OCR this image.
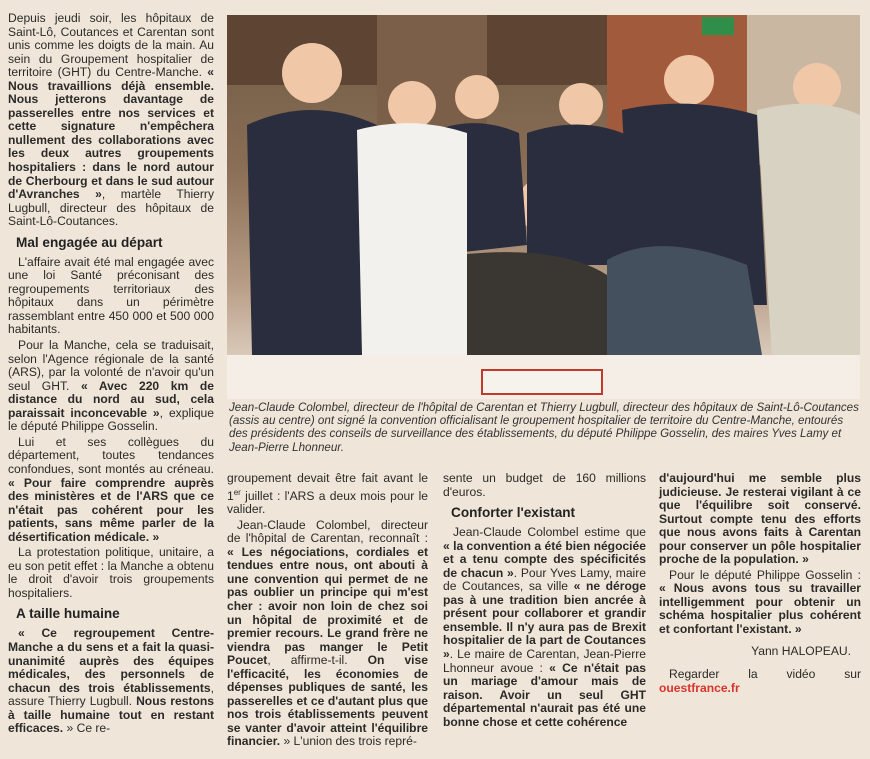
Depuis jeudi soir, les hôpitaux de Saint-Lô, Coutances et Carentan sont unis comme les doigts de la main. Au sein du Groupement hospitalier de territoire (GHT) du Centre-Manche. « Nous travaillions déjà ensemble. Nous jetterons davantage de passerelles entre nos services et cette signature n'empêchera nullement des collaborations avec les deux autres groupements hospitaliers : dans le nord autour de Cherbourg et dans le sud autour d'Avranches », martèle Thierry Lugbull, directeur des hôpitaux de Saint-Lô-Coutances.

Mal engagée au départ

L'affaire avait été mal engagée avec une loi Santé préconisant des regroupements territoriaux des hôpitaux dans un périmètre rassemblant entre 450 000 et 500 000 habitants.

Pour la Manche, cela se traduisait, selon l'Agence régionale de la santé (ARS), par la volonté de n'avoir qu'un seul GHT. « Avec 220 km de distance du nord au sud, cela paraissait inconcevable », explique le député Philippe Gosselin.

Lui et ses collègues du département, toutes tendances confondues, sont montés au créneau. « Pour faire comprendre auprès des ministères et de l'ARS que ce n'était pas cohérent pour les patients, sans même parler de la désertification médicale. »

La protestation politique, unitaire, a eu son petit effet : la Manche a obtenu le droit d'avoir trois groupements hospitaliers.

A taille humaine

« Ce regroupement Centre-Manche a du sens et a fait la quasi-unanimité auprès des équipes médicales, des personnels de chacun des trois établissements, assure Thierry Lugbull. Nous restons à taille humaine tout en restant efficaces. » Ce re-

Jean-Claude Colombel, directeur de l'hôpital de Carentan et Thierry Lugbull, directeur des hôpitaux de Saint-Lô-Coutances (assis au centre) ont signé la convention officialisant le groupement hospitalier de territoire du Centre-Manche, entourés des présidents des conseils de surveillance des établissements, du député Philippe Gosselin, des maires Yves Lamy et Jean-Pierre Lhonneur.

groupement devait être fait avant le 1er juillet : l'ARS a deux mois pour le valider.

Jean-Claude Colombel, directeur de l'hôpital de Carentan, reconnaît : « Les négociations, cordiales et tendues entre nous, ont abouti à une convention qui permet de ne pas oublier un principe qui m'est cher : avoir non loin de chez soi un hôpital de proximité et de premier recours. Le grand frère ne viendra pas manger le Petit Poucet, affirme-t-il. On vise l'efficacité, les économies de dépenses publiques de santé, les passerelles et ce d'autant plus que nos trois établissements peuvent se vanter d'avoir atteint l'équilibre financier. » L'union des trois repré-

sente un budget de 160 millions d'euros.

Conforter l'existant

Jean-Claude Colombel estime que « la convention a été bien négociée et a tenu compte des spécificités de chacun ». Pour Yves Lamy, maire de Coutances, sa ville « ne déroge pas à une tradition bien ancrée à présent pour collaborer et grandir ensemble. Il n'y aura pas de Brexit hospitalier de la part de Coutances ». Le maire de Carentan, Jean-Pierre Lhonneur avoue : « Ce n'était pas un mariage d'amour mais de raison. Avoir un seul GHT départemental n'aurait pas été une bonne chose et cette cohérence

d'aujourd'hui me semble plus judicieuse. Je resterai vigilant à ce que l'équilibre soit conservé. Surtout compte tenu des efforts que nous avons faits à Carentan pour conserver un pôle hospitalier proche de la population. »

Pour le député Philippe Gosselin : « Nous avons tous su travailler intelligemment pour obtenir un schéma hospitalier plus cohérent et confortant l'existant. »

Yann HALOPEAU.

Regarder la vidéo sur ouestfrance.fr
